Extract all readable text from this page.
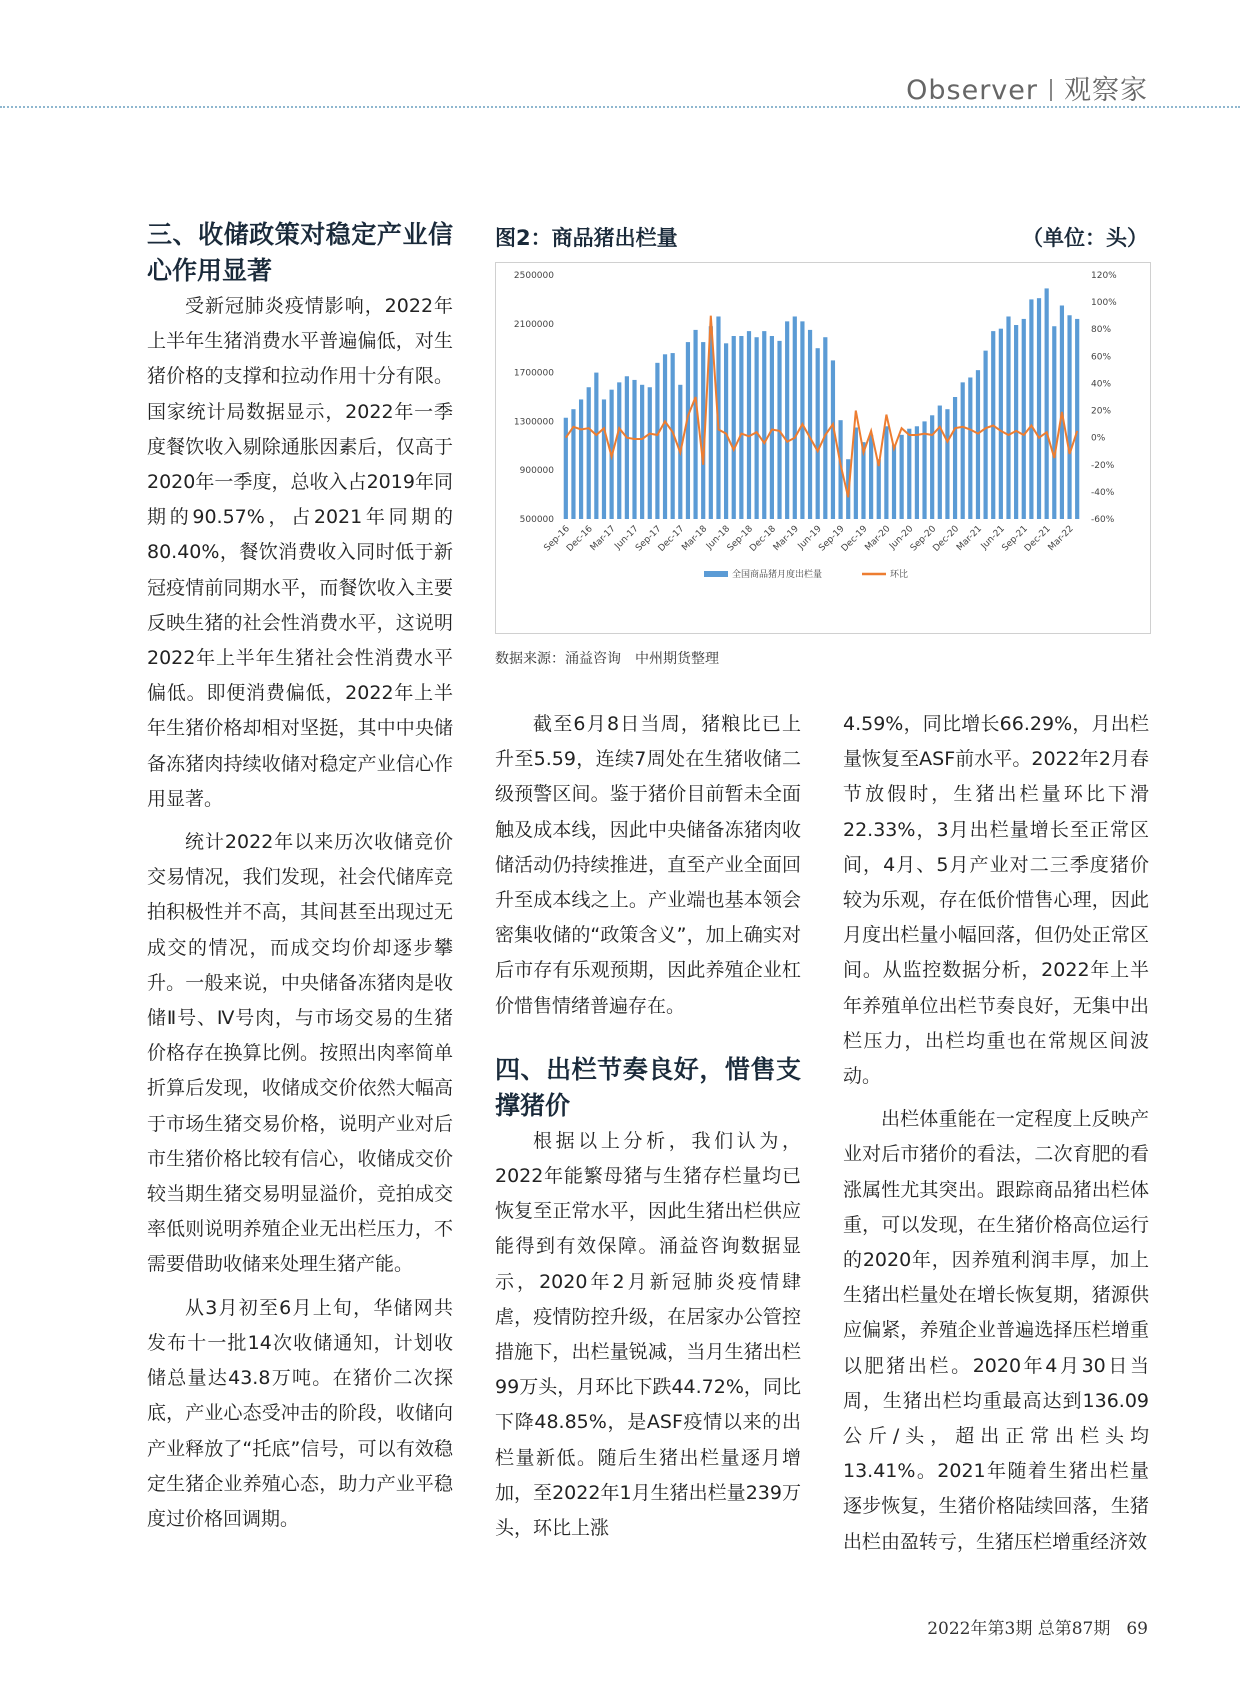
Observer 观察家

三、收储政策对稳定产业信心作用显著

受新冠肺炎疫情影响，2022年上半年生猪消费水平普遍偏低，对生猪价格的支撑和拉动作用十分有限。国家统计局数据显示，2022年一季度餐饮收入剔除通胀因素后，仅高于2020年一季度，总收入占2019年同期的90.57%，占2021年同期的80.40%，餐饮消费收入同时低于新冠疫情前同期水平，而餐饮收入主要反映生猪的社会性消费水平，这说明2022年上半年生猪社会性消费水平偏低。即便消费偏低，2022年上半年生猪价格却相对坚挺，其中中央储备冻猪肉持续收储对稳定产业信心作用显著。

统计2022年以来历次收储竞价交易情况，我们发现，社会代储库竞拍积极性并不高，其间甚至出现过无成交的情况，而成交均价却逐步攀升。一般来说，中央储备冻猪肉是收储Ⅱ号、Ⅳ号肉，与市场交易的生猪价格存在换算比例。按照出肉率简单折算后发现，收储成交价依然大幅高于市场生猪交易价格，说明产业对后市生猪价格比较有信心，收储成交价较当期生猪交易明显溢价，竞拍成交率低则说明养殖企业无出栏压力，不需要借助收储来处理生猪产能。

从3月初至6月上旬，华储网共发布十一批14次收储通知，计划收储总量达43.8万吨。在猪价二次探底，产业心态受冲击的阶段，收储向产业释放了“托底”信号，可以有效稳定生猪企业养殖心态，助力产业平稳度过价格回调期。

图2：商品猪出栏量	（单位：头）
500000
900000
1300000
1700000
2100000
2500000
-60%
-40%
-20%
0%
20%
40%
60%
80%
100%
120%
Sep-16
Dec-16
Mar-17
Jun-17
Sep-17
Dec-17
Mar-18
Jun-18
Sep-18
Dec-18
Mar-19
Jun-19
Sep-19
Dec-19
Mar-20
Jun-20
Sep-20
Dec-20
Mar-21
Jun-21
Sep-21
Dec-21
Mar-22
全国商品猪月度出栏量	环比
数据来源：涌益咨询 中州期货整理

截至6月8日当周，猪粮比已上升至5.59，连续7周处在生猪收储二级预警区间。鉴于猪价目前暂未全面触及成本线，因此中央储备冻猪肉收储活动仍持续推进，直至产业全面回升至成本线之上。产业端也基本领会密集收储的“政策含义”，加上确实对后市存有乐观预期，因此养殖企业杠价惜售情绪普遍存在。

四、出栏节奏良好，惜售支撑猪价

根据以上分析，我们认为，2022年能繁母猪与生猪存栏量均已恢复至正常水平，因此生猪出栏供应能得到有效保障。涌益咨询数据显示，2020年2月新冠肺炎疫情肆虐，疫情防控升级，在居家办公管控措施下，出栏量锐减，当月生猪出栏99万头，月环比下跌44.72%，同比下降48.85%，是ASF疫情以来的出栏量新低。随后生猪出栏量逐月增加，至2022年1月生猪出栏量239万头，环比上涨

4.59%，同比增长66.29%，月出栏量恢复至ASF前水平。2022年2月春节放假时，生猪出栏量环比下滑22.33%，3月出栏量增长至正常区间，4月、5月产业对二三季度猪价较为乐观，存在低价惜售心理，因此月度出栏量小幅回落，但仍处正常区间。从监控数据分析，2022年上半年养殖单位出栏节奏良好，无集中出栏压力，出栏均重也在常规区间波动。

出栏体重能在一定程度上反映产业对后市猪价的看法，二次育肥的看涨属性尤其突出。跟踪商品猪出栏体重，可以发现，在生猪价格高位运行的2020年，因养殖利润丰厚，加上生猪出栏量处在增长恢复期，猪源供应偏紧，养殖企业普遍选择压栏增重以肥猪出栏。2020年4月30日当周，生猪出栏均重最高达到136.09公斤/头，超出正常出栏头均13.41%。2021年随着生猪出栏量逐步恢复，生猪价格陆续回落，生猪出栏由盈转亏，生猪压栏增重经济效

2022年第3期 总第87期 69
